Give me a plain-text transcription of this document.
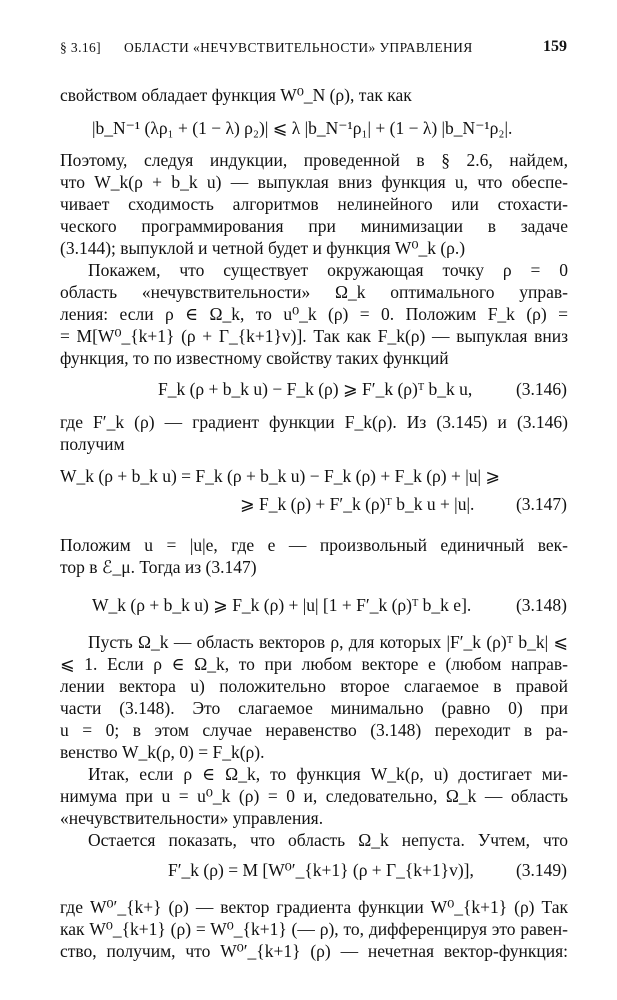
§ 3.16] ОБЛАСТИ «НЕЧУВСТВИТЕЛЬНОСТИ» УПРАВЛЕНИЯ	159
свойством обладает функция W⁰_N (ρ), так как
|b_N⁻¹ (λρ₁ + (1 − λ) ρ₂)| ⩽ λ |b_N⁻¹ρ₁| + (1 − λ) |b_N⁻¹ρ₂|.
Поэтому, следуя индукции, проведенной в § 2.6, найдем,
что W_k(ρ + b_k u) — выпуклая вниз функция u, что обеспе-
чивает сходимость алгоритмов нелинейного или стохасти-
ческого программирования при минимизации в задаче
(3.144); выпуклой и четной будет и функция W⁰_k (ρ.)
Покажем, что существует окружающая точку ρ = 0
область «нечувствительности» Ω_k оптимального управ-
ления: если ρ ∈ Ω_k, то u⁰_k (ρ) = 0. Положим F_k (ρ) =
= M[W⁰_{k+1} (ρ + Γ_{k+1}v)]. Так как F_k(ρ) — выпуклая вниз
функция, то по известному свойству таких функций
F_k (ρ + b_k u) − F_k (ρ) ⩾ F′_k (ρ)ᵀ b_k u, (3.146)
где F′_k (ρ) — градиент функции F_k(ρ). Из (3.145) и (3.146)
получим
W_k (ρ + b_k u) = F_k (ρ + b_k u) − F_k (ρ) + F_k (ρ) + |u| ⩾
⩾ F_k (ρ) + F′_k (ρ)ᵀ b_k u + |u|. (3.147)
Положим u = |u|e, где e — произвольный единичный век-
тор в ℰ_μ. Тогда из (3.147)
W_k (ρ + b_k u) ⩾ F_k (ρ) + |u| [1 + F′_k (ρ)ᵀ b_k e].	(3.148)
Пусть Ω_k — область векторов ρ, для которых |F′_k (ρ)ᵀ b_k| ⩽
⩽ 1. Если ρ ∈ Ω_k, то при любом векторе e (любом направ-
лении вектора u) положительно второе слагаемое в правой
части (3.148). Это слагаемое минимально (равно 0) при
u = 0; в этом случае неравенство (3.148) переходит в ра-
венство W_k(ρ, 0) = F_k(ρ).
Итак, если ρ ∈ Ω_k, то функция W_k(ρ, u) достигает ми-
нимума при u = u⁰_k (ρ) = 0 и, следовательно, Ω_k — область
«нечувствительности» управления.
Остается показать, что область Ω_k непуста. Учтем, что
F′_k (ρ) = M [W⁰′_{k+1} (ρ + Γ_{k+1}v)], (3.149)
где W⁰′_{k+} (ρ) — вектор градиента функции W⁰_{k+1} (ρ) Так
как W⁰_{k+1} (ρ) = W⁰_{k+1} (— ρ), то, дифференцируя это равен-
ство, получим, что W⁰′_{k+1} (ρ) — нечетная вектор-функция:
